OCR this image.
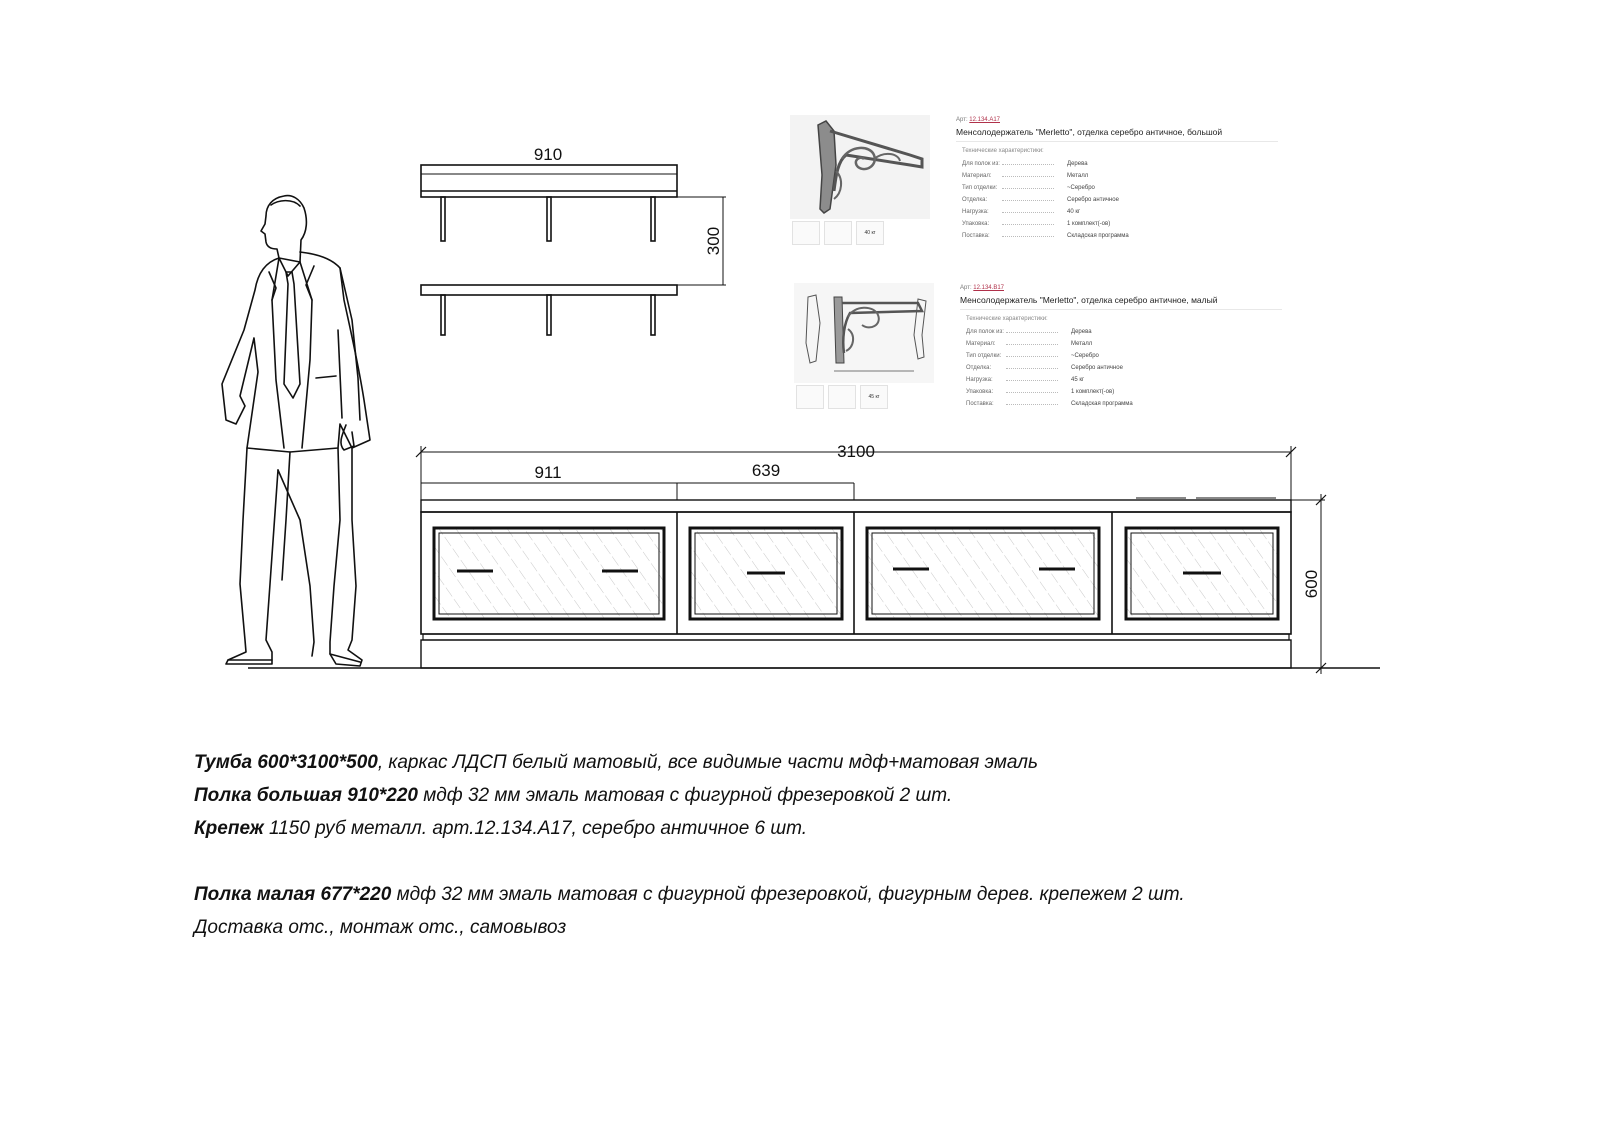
910
300
3100
911	639
600
40 кг
Арт: 12.134.A17
Менсолодержатель "Merletto", отделка серебро античное, большой
Технические характеристики:
Для полок из:	Дерева
Материал:	Металл
Тип отделки:	~Серебро
Отделка:	Серебро античное
Нагрузка:	40 кг
Упаковка:	1 комплект(-ов)
Поставка:	Складская программа
45 кг
Арт: 12.134.B17
Менсолодержатель "Merletto", отделка серебро античное, малый
Технические характеристики:
Для полок из:	Дерева
Материал:	Металл
Тип отделки:	~Серебро
Отделка:	Серебро античное
Нагрузка:	45 кг
Упаковка:	1 комплект(-ов)
Поставка:	Складская программа

Тумба 600*3100*500, каркас ЛДСП белый матовый, все видимые части мдф+матовая эмаль

Полка большая 910*220 мдф 32 мм эмаль матовая с фигурной фрезеровкой 2 шт.

Крепеж 1150 руб металл. арт.12.134.А17, серебро античное 6 шт.

Полка малая 677*220 мдф 32 мм эмаль матовая с фигурной фрезеровкой, фигурным дерев. крепежем 2 шт.

Доставка отс., монтаж отс., самовывоз
